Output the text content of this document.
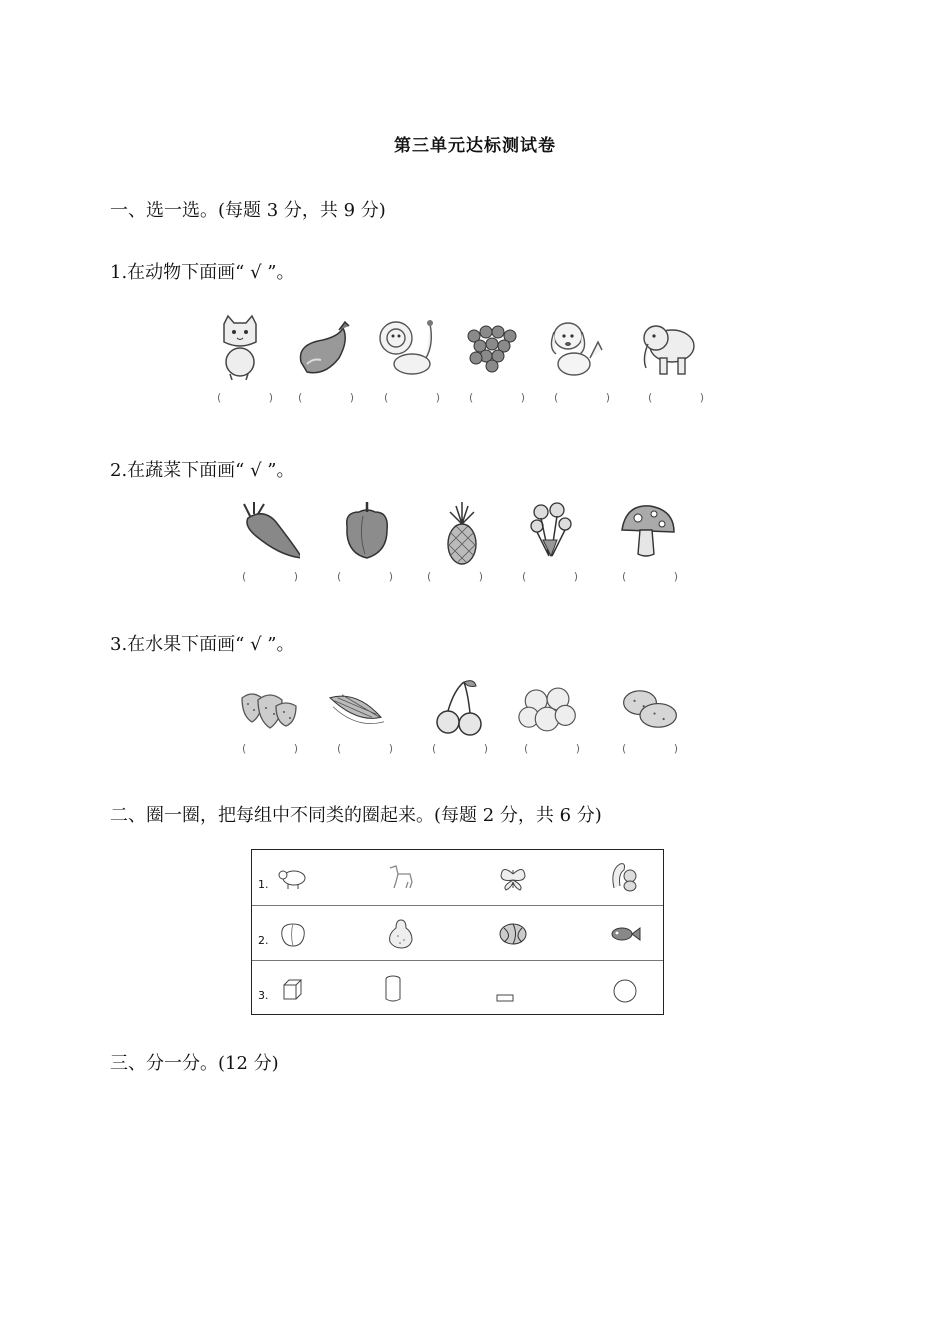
第三单元达标测试卷
一、选一选。(每题 3 分，共 9 分)
1.在动物下面画“ √ ”。
(	) (	)	(	)	(	)	(	)	(	)
2.在蔬菜下面画“ √ ”。
(	)	(	)	(	)	(	)	(	)
3.在水果下面画“ √ ”。
(	)	(	)	(	)	(	)	(	)
二、圈一圈，把每组中不同类的圈起来。(每题 2 分，共 6 分)
1.
2.
3.
三、分一分。(12 分)
